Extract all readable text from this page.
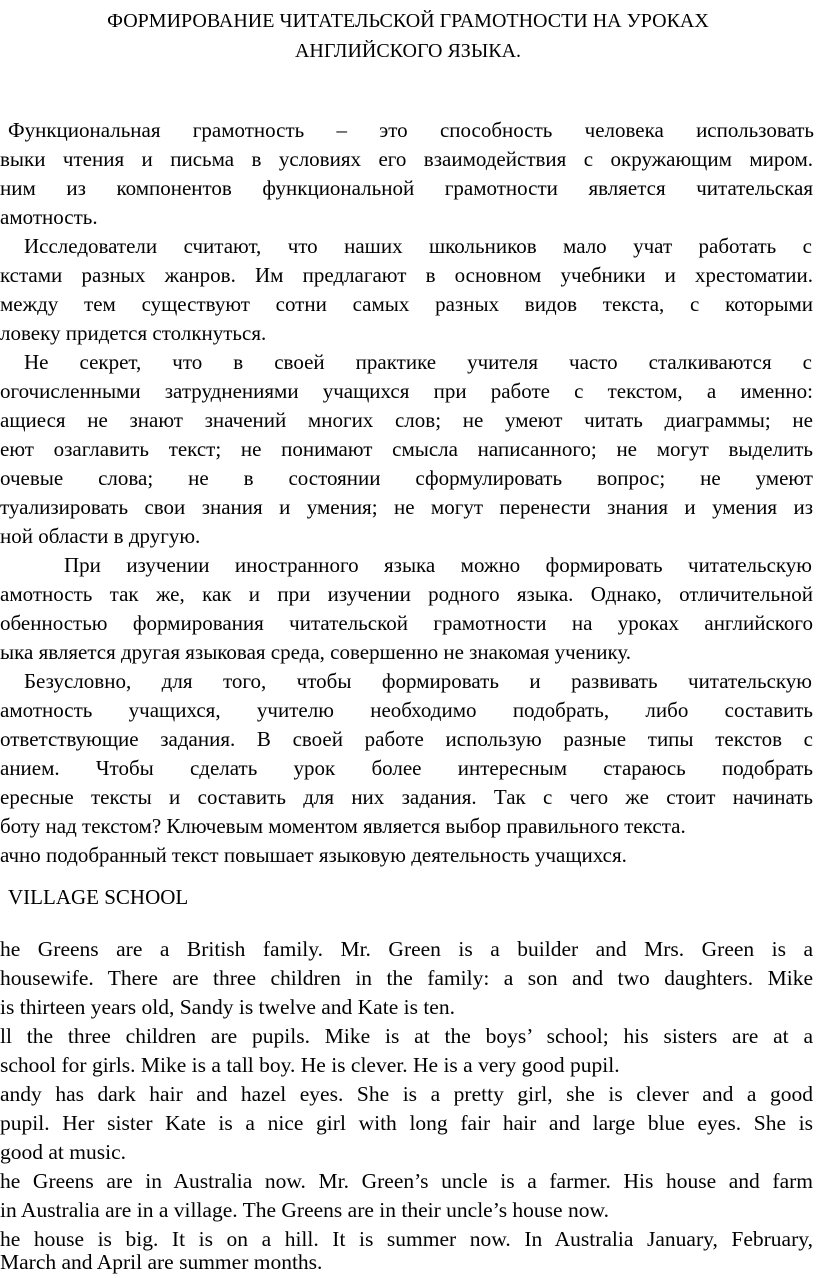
ФОРМИРОВАНИЕ ЧИТАТЕЛЬСКОЙ ГРАМОТНОСТИ НА УРОКАХ
АНГЛИЙСКОГО ЯЗЫКА.
Функциональная грамотность – это способность человека использовать
выки чтения и письма в условиях его взаимодействия с окружающим миром.
ним из компонентов функциональной грамотности является читательская
амотность.
Исследователи считают, что наших школьников мало учат работать с
кстами разных жанров. Им предлагают в основном учебники и хрестоматии.
между тем существуют сотни самых разных видов текста, с которыми
ловеку придется столкнуться.
Не секрет, что в своей практике учителя часто сталкиваются с
огочисленными затруднениями учащихся при работе с текстом, а именно:
ащиеся не знают значений многих слов; не умеют читать диаграммы; не
еют озаглавить текст; не понимают смысла написанного; не могут выделить
очевые слова; не в состоянии сформулировать вопрос; не умеют
туализировать свои знания и умения; не могут перенести знания и умения из
ной области в другую.
При изучении иностранного языка можно формировать читательскую
амотность так же, как и при изучении родного языка. Однако, отличительной
обенностью формирования читательской грамотности на уроках английского
ыка является другая языковая среда, совершенно не знакомая ученику.
Безусловно, для того, чтобы формировать и развивать читательскую
амотность учащихся, учителю необходимо подобрать, либо составить
ответствующие задания. В своей работе использую разные типы текстов с
анием. Чтобы сделать урок более интересным стараюсь подобрать
ересные тексты и составить для них задания. Так с чего же стоит начинать
боту над текстом? Ключевым моментом является выбор правильного текста.
ачно подобранный текст повышает языковую деятельность учащихся.
VILLAGE SCHOOL
he Greens are a British family. Mr. Green is a builder and Mrs. Green is a
housewife. There are three children in the family: a son and two daughters. Mike
is thirteen years old, Sandy is twelve and Kate is ten.
ll the three children are pupils. Mike is at the boys’ school; his sisters are at a
school for girls. Mike is a tall boy. He is clever. He is a very good pupil.
andy has dark hair and hazel eyes. She is a pretty girl, she is clever and a good
pupil. Her sister Kate is a nice girl with long fair hair and large blue eyes. She is
good at music.
he Greens are in Australia now. Mr. Green’s uncle is a farmer. His house and farm
in Australia are in a village. The Greens are in their uncle’s house now.
he house is big. It is on a hill. It is summer now. In Australia January, February,
March and April are summer months.
